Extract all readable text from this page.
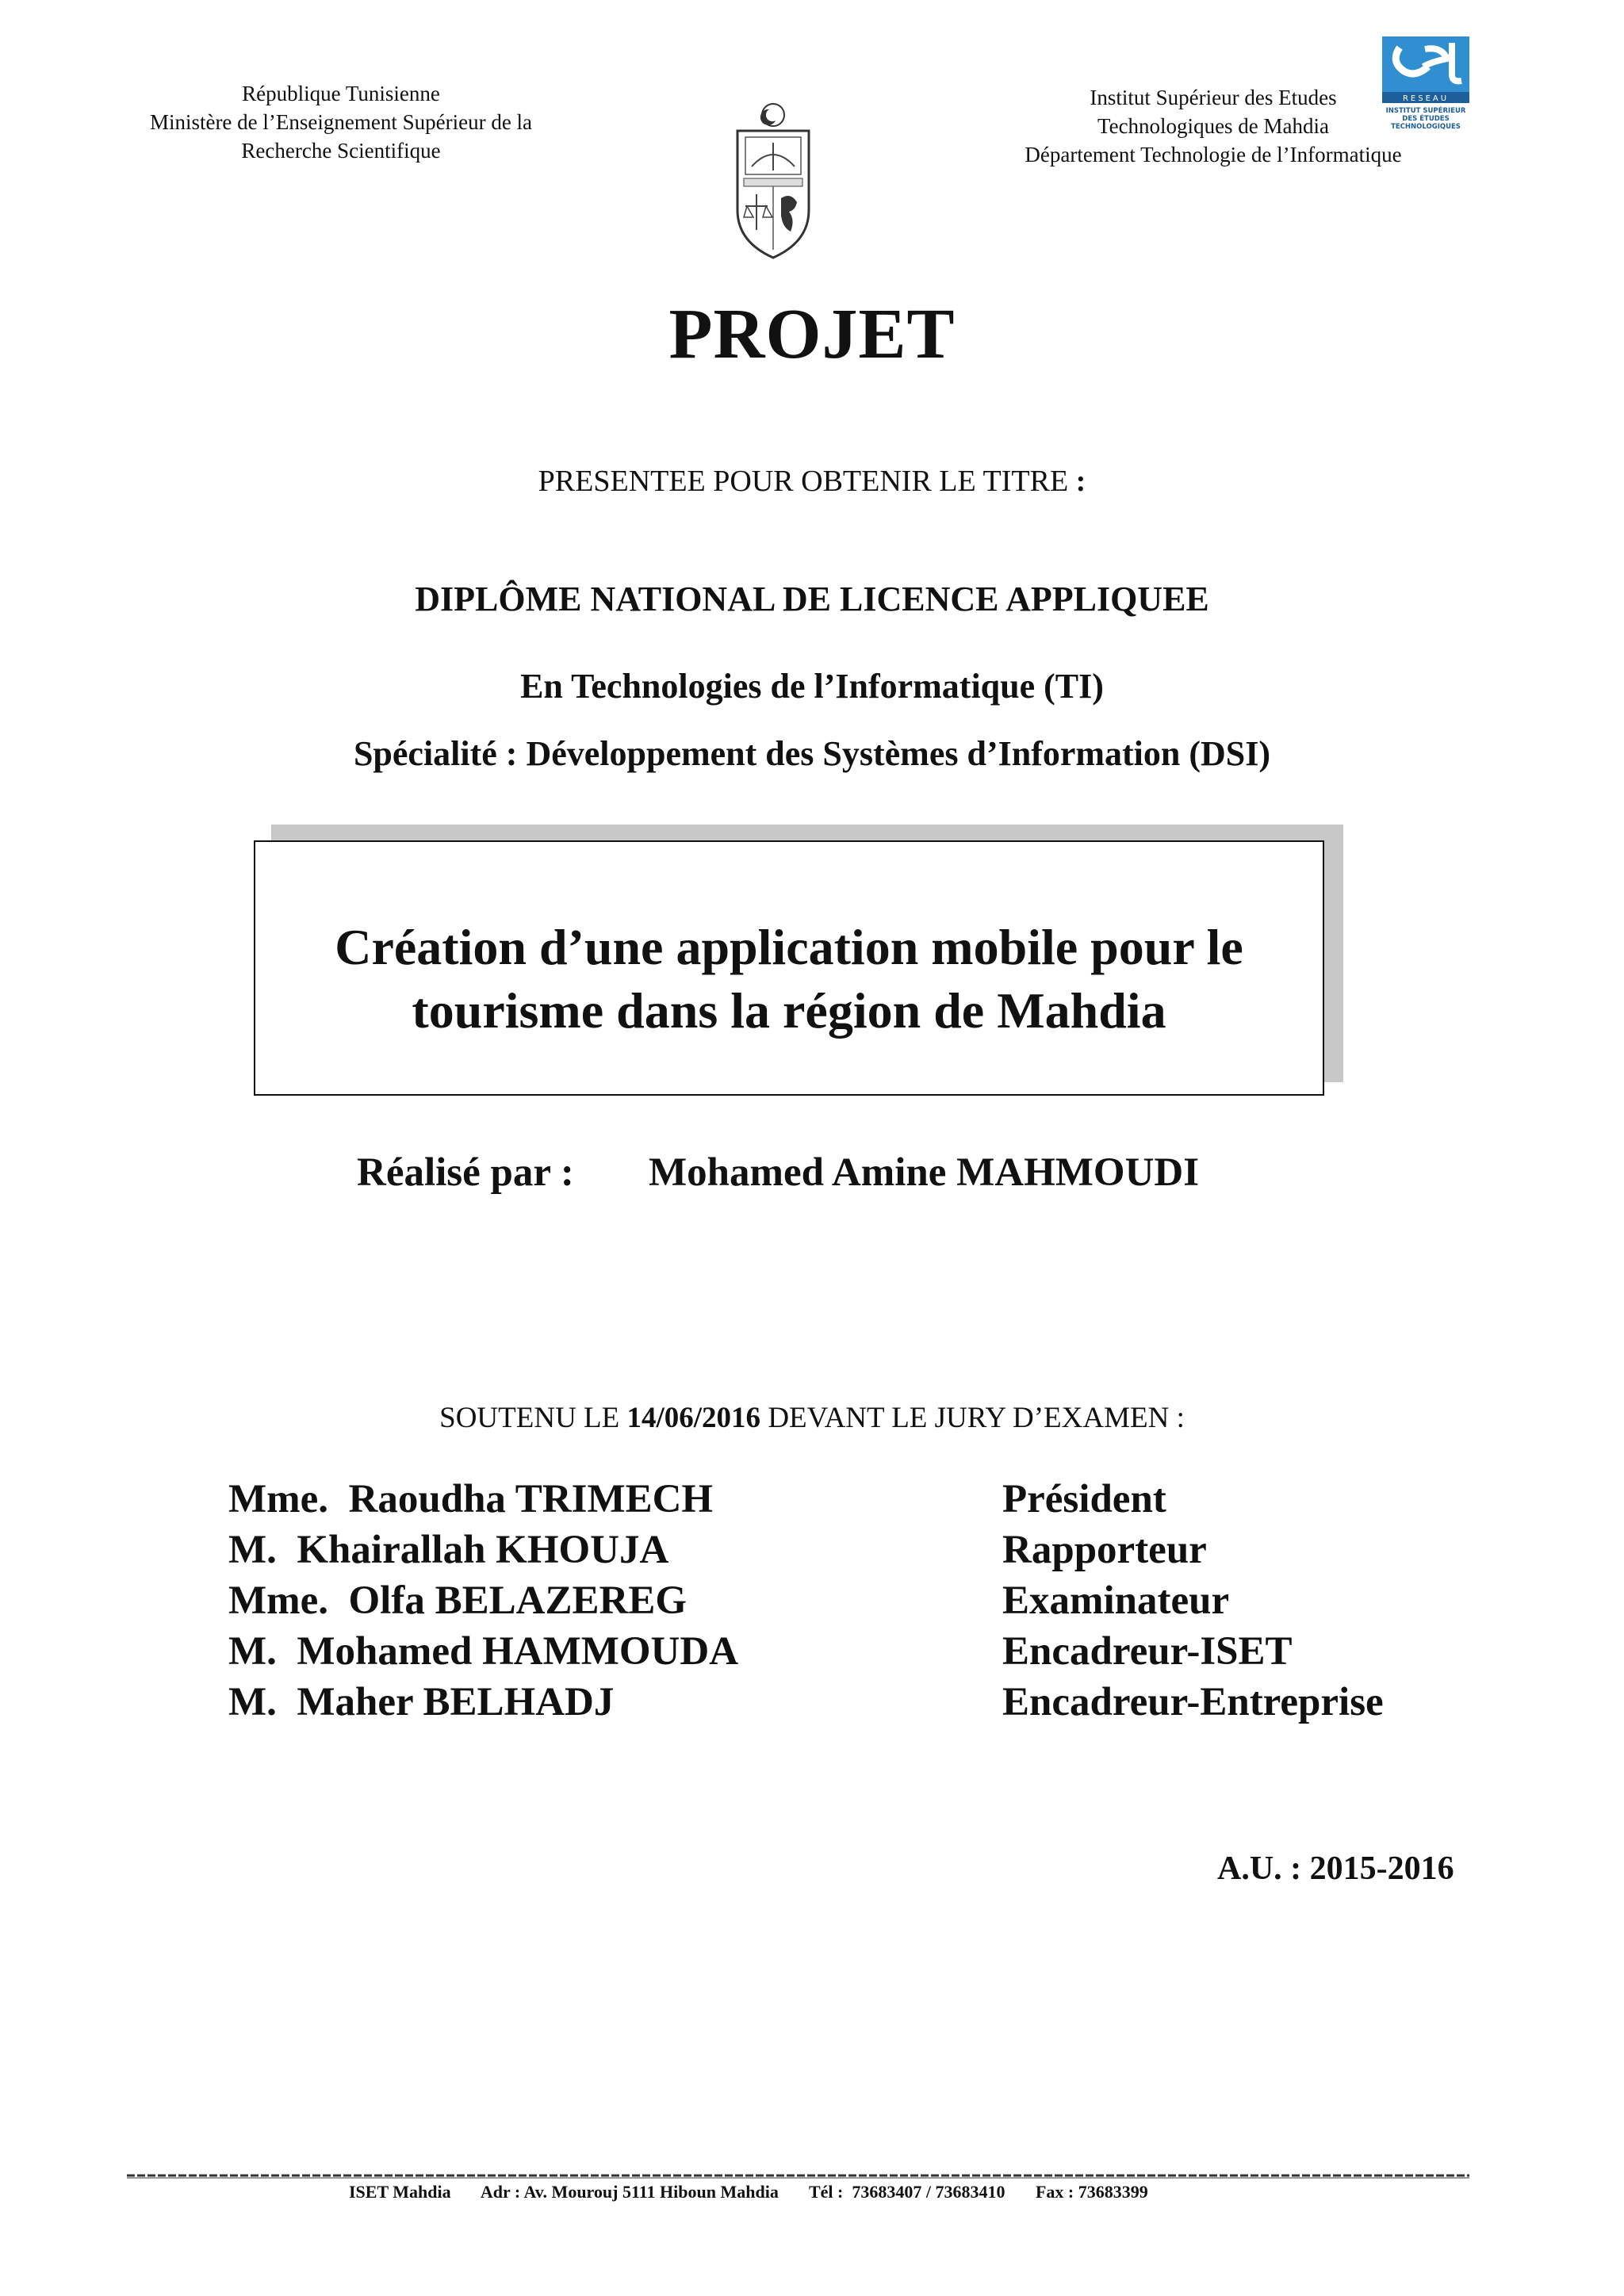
République Tunisienne
Ministère de l’Enseignement Supérieur de la
Recherche Scientifique
Institut Supérieur des Etudes
Technologiques de Mahdia
Département Technologie de l’Informatique
RESEAU
INSTITUT SUPÉRIEUR
DES ÉTUDES
TECHNOLOGIQUES
PROJET
PRESENTEE POUR OBTENIR LE TITRE :
DIPLÔME NATIONAL DE LICENCE APPLIQUEE
En Technologies de l’Informatique (TI)
Spécialité : Développement des Systèmes d’Information (DSI)
Création d’une application mobile pour le
tourisme dans la région de Mahdia
Réalisé par : Mohamed Amine MAHMOUDI
SOUTENU LE 14/06/2016 DEVANT LE JURY D’EXAMEN :
Mme.  Raoudha TRIMECH	Président
M.  Khairallah KHOUJA	Rapporteur
Mme.  Olfa BELAZEREG	Examinateur
M.  Mohamed HAMMOUDA	Encadreur-ISET
M.  Maher BELHADJ	Encadreur-Entreprise
A.U. : 2015-2016
ISET Mahdia Adr : Av. Mourouj 5111 Hiboun Mahdia Tél :  73683407 / 73683410 Fax : 73683399
